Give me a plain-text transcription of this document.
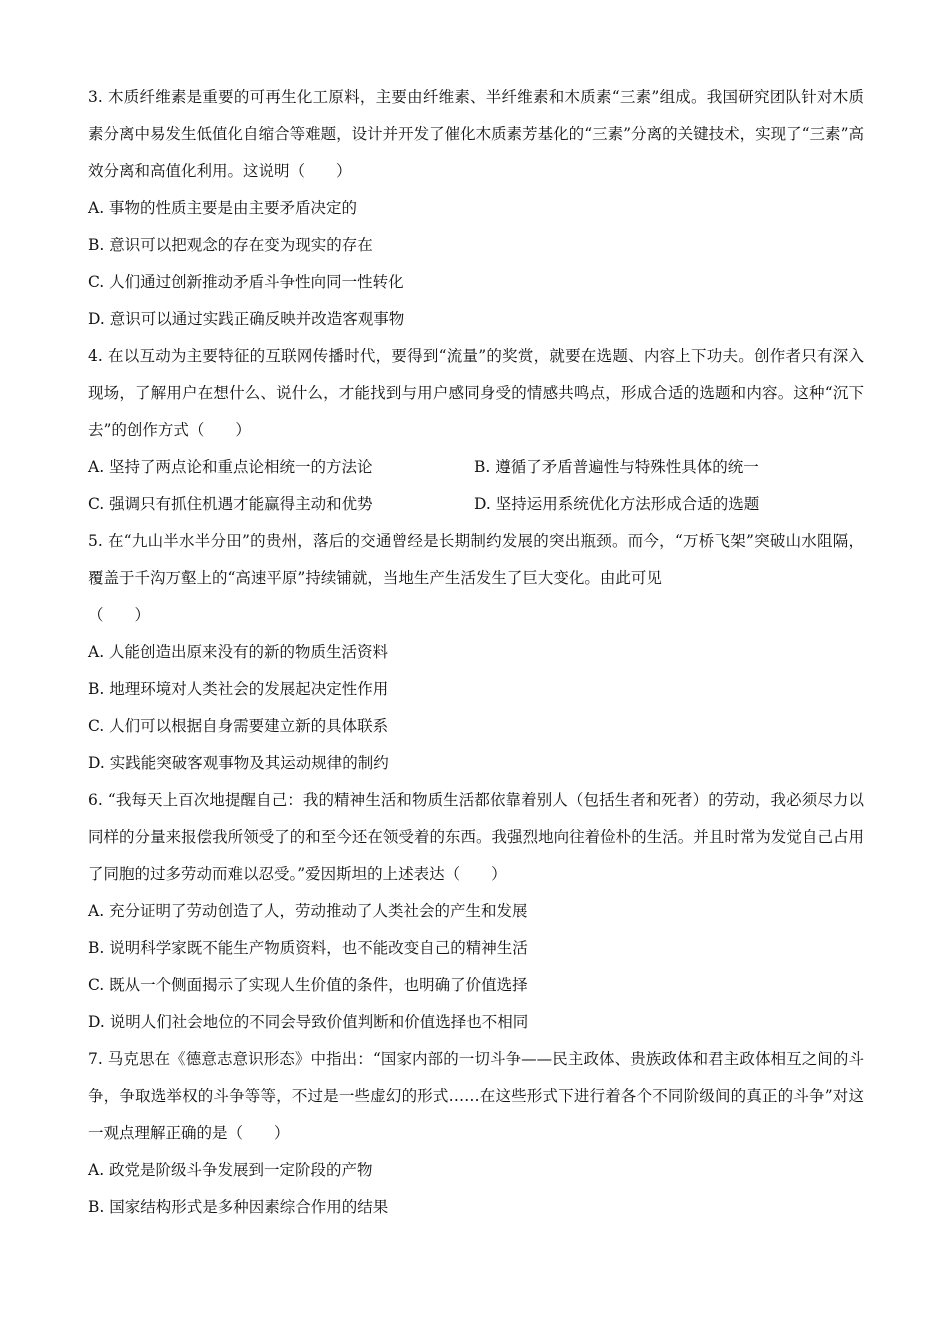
3. 木质纤维素是重要的可再生化工原料，主要由纤维素、半纤维素和木质素“三素”组成。我国研究团队针对木质素分离中易发生低值化自缩合等难题，设计并开发了催化木质素芳基化的“三素”分离的关键技术，实现了“三素”高效分离和高值化利用。这说明（　　）

A. 事物的性质主要是由主要矛盾决定的

B. 意识可以把观念的存在变为现实的存在

C. 人们通过创新推动矛盾斗争性向同一性转化

D. 意识可以通过实践正确反映并改造客观事物

4. 在以互动为主要特征的互联网传播时代，要得到“流量”的奖赏，就要在选题、内容上下功夫。创作者只有深入现场，了解用户在想什么、说什么，才能找到与用户感同身受的情感共鸣点，形成合适的选题和内容。这种“沉下去”的创作方式（　　）

A. 坚持了两点论和重点论相统一的方法论	B. 遵循了矛盾普遍性与特殊性具体的统一
C. 强调只有抓住机遇才能赢得主动和优势	D. 坚持运用系统优化方法形成合适的选题

5. 在“九山半水半分田”的贵州，落后的交通曾经是长期制约发展的突出瓶颈。而今，“万桥飞架”突破山水阻隔，覆盖于千沟万壑上的“高速平原”持续铺就，当地生产生活发生了巨大变化。由此可见

（　　）

A. 人能创造出原来没有的新的物质生活资料

B. 地理环境对人类社会的发展起决定性作用

C. 人们可以根据自身需要建立新的具体联系

D. 实践能突破客观事物及其运动规律的制约

6. “我每天上百次地提醒自己：我的精神生活和物质生活都依靠着别人（包括生者和死者）的劳动，我必须尽力以同样的分量来报偿我所领受了的和至今还在领受着的东西。我强烈地向往着俭朴的生活。并且时常为发觉自己占用了同胞的过多劳动而难以忍受。”爱因斯坦的上述表达（　　）

A. 充分证明了劳动创造了人，劳动推动了人类社会的产生和发展

B. 说明科学家既不能生产物质资料，也不能改变自己的精神生活

C. 既从一个侧面揭示了实现人生价值的条件，也明确了价值选择

D. 说明人们社会地位的不同会导致价值判断和价值选择也不相同

7. 马克思在《德意志意识形态》中指出：“国家内部的一切斗争——民主政体、贵族政体和君主政体相互之间的斗争，争取选举权的斗争等等，不过是一些虚幻的形式……在这些形式下进行着各个不同阶级间的真正的斗争”对这一观点理解正确的是（　　）

A. 政党是阶级斗争发展到一定阶段的产物

B. 国家结构形式是多种因素综合作用的结果
